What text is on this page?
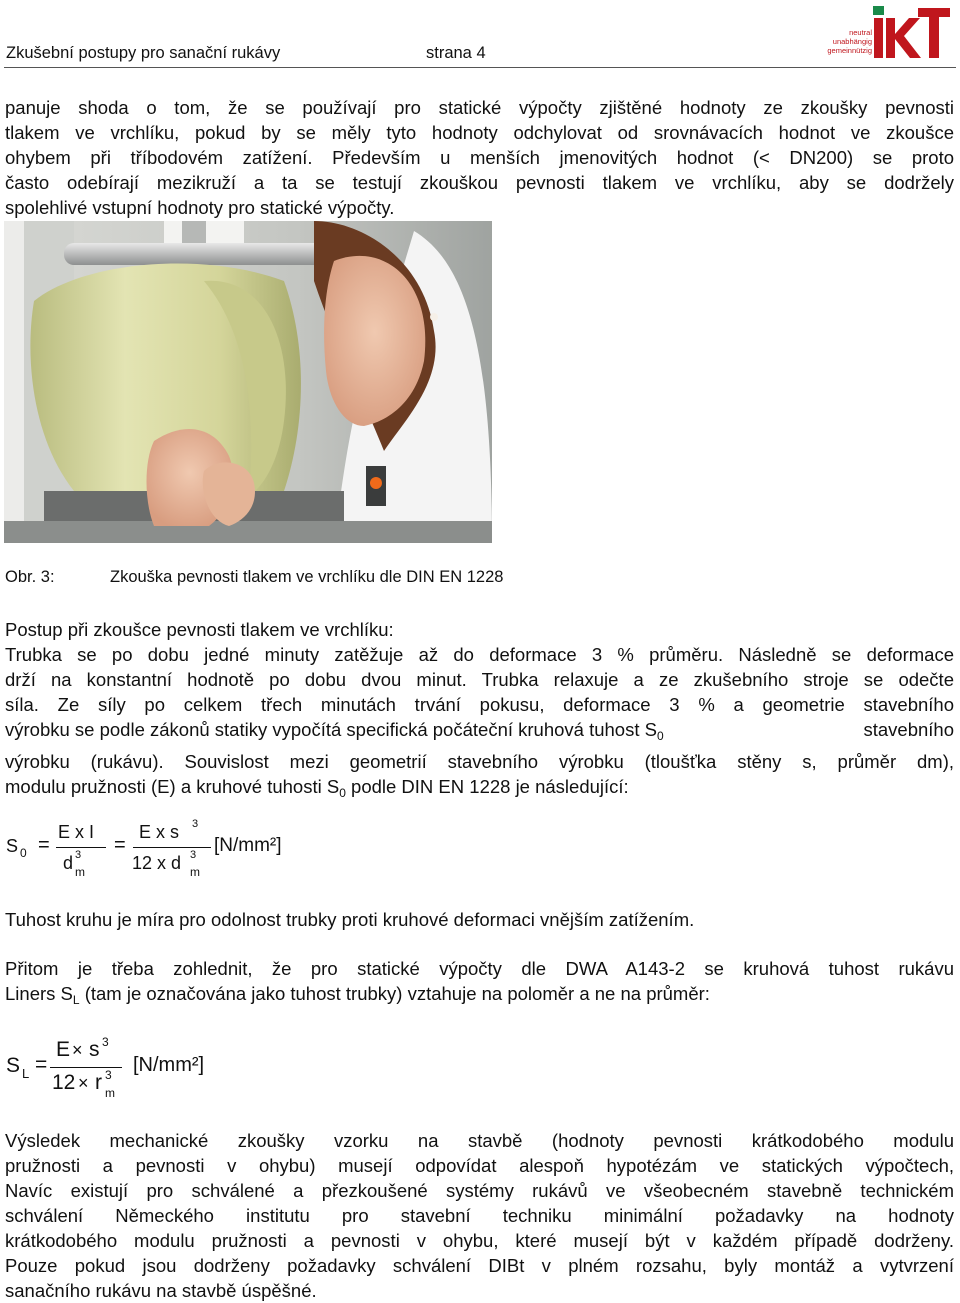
Zkušební postupy pro sanační rukávy	strana 4
neutral
unabhängig
gemeinnützig
panuje shoda o tom, že se používají pro statické výpočty zjištěné hodnoty ze zkoušky pevnosti
tlakem ve vrchlíku, pokud by se měly tyto hodnoty odchylovat od srovnávacích hodnot ve zkoušce
ohybem při tříbodovém zatížení. Především u menších jmenovitých hodnot (< DN200) se proto
často odebírají mezikruží a ta se testují zkouškou pevnosti tlakem ve vrchlíku, aby se dodržely
spolehlivé vstupní hodnoty pro statické výpočty.
Obr. 3:	Zkouška pevnosti tlakem ve vrchlíku dle DIN EN 1228
Postup při zkoušce pevnosti tlakem ve vrchlíku:
Trubka se po dobu jedné minuty zatěžuje až do deformace 3 % průměru. Následně se deformace
drží na konstantní hodnotě po dobu dvou minut. Trubka relaxuje a ze zkušebního stroje se odečte
síla. Ze síly po celkem třech minutách trvání pokusu, deformace 3 % a geometrie stavebního
výrobku se podle zákonů statiky vypočítá specifická počáteční kruhová tuhost $S_0$	stavebního
výrobku (rukávu). Souvislost mezi geometrií stavebního výrobku (tloušťka stěny s, průměr dm),
modulu pružnosti (E) a kruhové tuhosti $S_0$ podle DIN EN 1228 je následující:
S 0 =
E x I
d 3
m
=
E x s 3
12 x d 3
m
[N/mm²]
Tuhost kruhu je míra pro odolnost trubky proti kruhové deformaci vnějším zatížením.
Přitom je třeba zohlednit, že pro statické výpočty dle DWA A143-2 se kruhová tuhost rukávu
Liners $S_L$ (tam je označována jako tuhost trubky) vztahuje na poloměr a ne na průměr:
S L =
E × s 3
12 × r 3
m
[N/mm²]
Výsledek mechanické zkoušky vzorku na stavbě (hodnoty pevnosti krátkodobého modulu
pružnosti a pevnosti v ohybu) musejí odpovídat alespoň hypotézám ve statických výpočtech,
Navíc existují pro schválené a přezkoušené systémy rukávů ve všeobecném stavebně technickém
schválení Německého institutu pro stavební techniku minimální požadavky na hodnoty
krátkodobého modulu pružnosti a pevnosti v ohybu, které musejí být v každém případě dodrženy.
Pouze pokud jsou dodrženy požadavky schválení DIBt v plném rozsahu, byly montáž a vytvrzení
sanačního rukávu na stavbě úspěšné.
